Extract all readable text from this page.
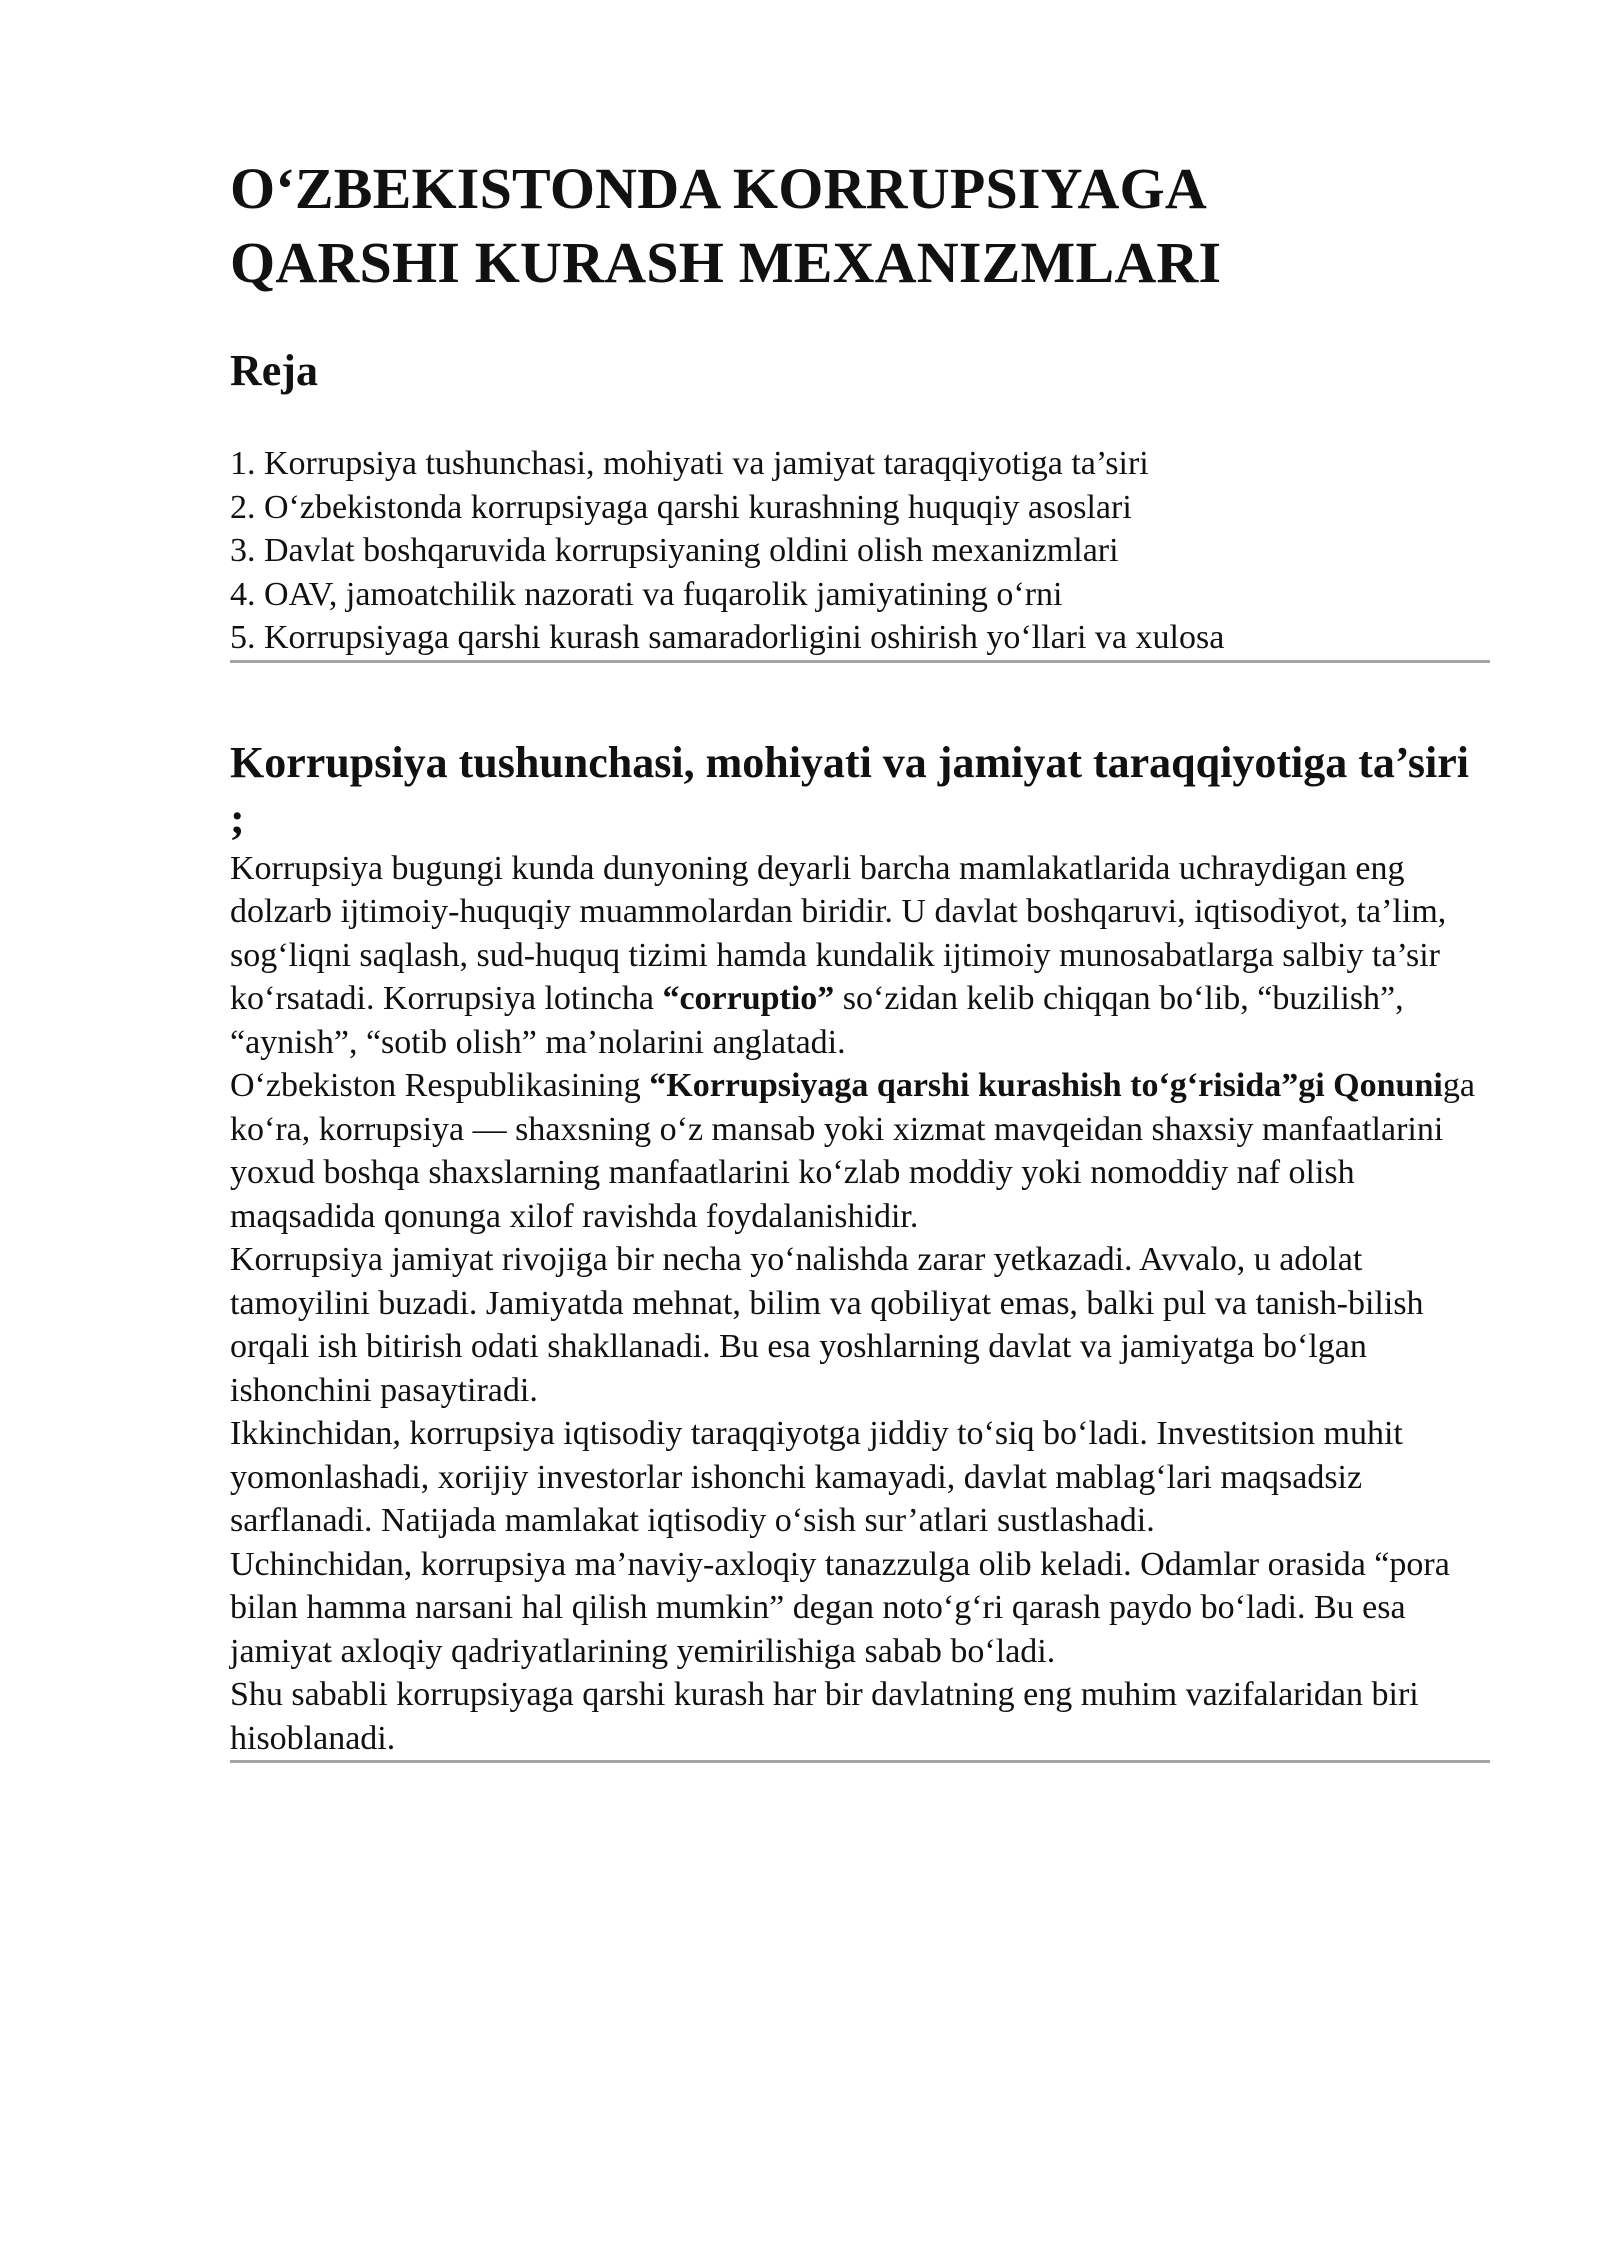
O‘ZBEKISTONDA KORRUPSIYAGA
QARSHI KURASH MEXANIZMLARI
Reja
1. Korrupsiya tushunchasi, mohiyati va jamiyat taraqqiyotiga ta’siri
2. O‘zbekistonda korrupsiyaga qarshi kurashning huquqiy asoslari
3. Davlat boshqaruvida korrupsiyaning oldini olish mexanizmlari
4. OAV, jamoatchilik nazorati va fuqarolik jamiyatining o‘rni
5. Korrupsiyaga qarshi kurash samaradorligini oshirish yo‘llari va xulosa
Korrupsiya tushunchasi, mohiyati va jamiyat taraqqiyotiga ta’siri ;

Korrupsiya bugungi kunda dunyoning deyarli barcha mamlakatlarida uchraydigan eng dolzarb ijtimoiy-huquqiy muammolardan biridir. U davlat boshqaruvi, iqtisodiyot, ta’lim, sog‘liqni saqlash, sud-huquq tizimi hamda kundalik ijtimoiy munosabatlarga salbiy ta’sir ko‘rsatadi. Korrupsiya lotincha “corruptio” so‘zidan kelib chiqqan bo‘lib, “buzilish”, “aynish”, “sotib olish” ma’nolarini anglatadi.

O‘zbekiston Respublikasining “Korrupsiyaga qarshi kurashish to‘g‘risida”gi Qonuniga ko‘ra, korrupsiya — shaxsning o‘z mansab yoki xizmat mavqeidan shaxsiy manfaatlarini yoxud boshqa shaxslarning manfaatlarini ko‘zlab moddiy yoki nomoddiy naf olish maqsadida qonunga xilof ravishda foydalanishidir.

Korrupsiya jamiyat rivojiga bir necha yo‘nalishda zarar yetkazadi. Avvalo, u adolat tamoyilini buzadi. Jamiyatda mehnat, bilim va qobiliyat emas, balki pul va tanish-bilish orqali ish bitirish odati shakllanadi. Bu esa yoshlarning davlat va jamiyatga bo‘lgan ishonchini pasaytiradi.

Ikkinchidan, korrupsiya iqtisodiy taraqqiyotga jiddiy to‘siq bo‘ladi. Investitsion muhit yomonlashadi, xorijiy investorlar ishonchi kamayadi, davlat mablag‘lari maqsadsiz sarflanadi. Natijada mamlakat iqtisodiy o‘sish sur’atlari sustlashadi.

Uchinchidan, korrupsiya ma’naviy-axloqiy tanazzulga olib keladi. Odamlar orasida “pora bilan hamma narsani hal qilish mumkin” degan noto‘g‘ri qarash paydo bo‘ladi. Bu esa jamiyat axloqiy qadriyatlarining yemirilishiga sabab bo‘ladi.

Shu sababli korrupsiyaga qarshi kurash har bir davlatning eng muhim vazifalaridan biri hisoblanadi.
